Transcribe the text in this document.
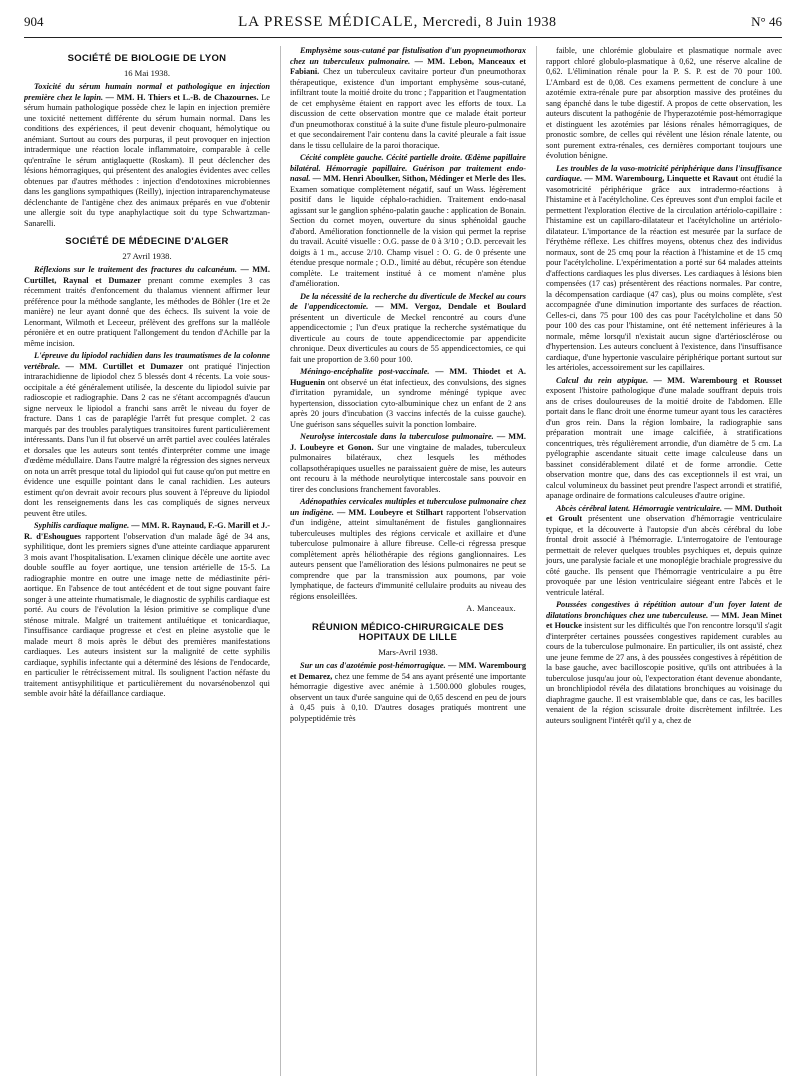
904	LA PRESSE MÉDICALE, Mercredi, 8 Juin 1938	N° 46
SOCIÉTÉ DE BIOLOGIE DE LYON
16 Mai 1938.

Toxicité du sérum humain normal et pathologique en injection première chez le lapin. — MM. H. Thiers et L.-B. de Chazournes. Le sérum humain pathologique possède chez le lapin en injection première une toxicité nettement différente du sérum humain normal. Dans les conditions des expériences, il peut devenir choquant, hémolytique ou anémiant. Surtout au cours des purpuras, il peut provoquer en injection intradermique une réaction locale inflammatoire, comparable à celle qu'entraîne le sérum antiglaquette (Roskam). Il peut déclencher des lésions hémorragiques, qui présentent des analogies évidentes avec celles obtenues par d'autres méthodes : injection d'endotoxines microbiennes dans les ganglions sympathiques (Reilly), injection intraparenchymateuse déclenchante de l'antigène chez des animaux préparés en vue d'obtenir une allergie soit du type anaphylactique soit du type Schwartzman-Sanarelli.

SOCIÉTÉ DE MÉDECINE D'ALGER
27 Avril 1938.

Réflexions sur le traitement des fractures du calcanéum. — MM. Curtillet, Raynal et Dumazer prenant comme exemples 3 cas récemment traités d'enfoncement du thalamus viennent affirmer leur préférence pour la méthode sanglante, les méthodes de Böhler (1re et 2e manière) ne leur ayant donné que des échecs. Ils suivent la voie de Lenormant, Wilmoth et Leceeur, prélèvent des greffons sur la malléole péronière et en outre pratiquent l'allongement du tendon d'Achille par la même incision.

L'épreuve du lipiodol rachidien dans les traumatismes de la colonne vertébrale. — MM. Curtillet et Dumazer ont pratiqué l'injection intrarachidienne de lipiodol chez 5 blessés dont 4 récents. La voie sous-occipitale a été généralement utilisée, la descente du lipiodol suivie par radioscopie et radiographie. Dans 2 cas ne s'étant accompagnés d'aucun signe nerveux le lipiodol a franchi sans arrêt le niveau du foyer de fracture. Dans 1 cas de paraplégie l'arrêt fut presque complet. 2 cas marqués par des troubles paralytiques transitoires furent particulièrement intéressants. Dans l'un il fut observé un arrêt partiel avec coulées latérales et dorsales que les auteurs sont tentés d'interpréter comme une image d'œdème médullaire. Dans l'autre malgré la régression des signes nerveux on nota un arrêt presque total du lipiodol qui fut cause qu'on put mettre en évidence une esquille pointant dans le canal rachidien. Les auteurs estiment qu'on devrait avoir recours plus souvent à l'épreuve du lipiodol dont les renseignements dans les cas compliqués de signes nerveux peuvent être utiles.

Syphilis cardiaque maligne. — MM. R. Raynaud, F.-G. Marill et J.-R. d'Eshougues rapportent l'observation d'un malade âgé de 34 ans, syphilitique, dont les premiers signes d'une atteinte cardiaque apparurent 3 mois avant l'hospitalisation. L'examen clinique décèle une aortite avec double souffle au foyer aortique, une tension artérielle de 15-5. La radiographie montre en outre une image nette de médiastinite péri-aortique. En l'absence de tout antécédent et de tout signe pouvant faire songer à une atteinte rhumatismale, le diagnostic de syphilis cardiaque est porté. Au cours de l'évolution la lésion primitive se complique d'une sténose mitrale. Malgré un traitement antiluétique et tonicardiaque, l'insuffisance cardiaque progresse et c'est en pleine asystolie que le malade meurt 8 mois après le début des premières manifestations cardiaques. Les auteurs insistent sur la malignité de cette syphilis cardiaque, syphilis infectante qui a déterminé des lésions de l'endocarde, en particulier le rétrécissement mitral. Ils soulignent l'action néfaste du traitement antisyphilitique et particulièrement du novarsénobenzol qui semble avoir hâté la défaillance cardiaque.

Emphysème sous-cutané par fistulisation d'un pyopneumothorax chez un tuberculeux pulmonaire. — MM. Lebon, Manceaux et Fabiani. Chez un tuberculeux cavitaire porteur d'un pneumothorax thérapeutique, existence d'un important emphysème sous-cutané, infiltrant toute la moitié droite du tronc ; l'apparition et l'augmentation de cet emphysème étaient en rapport avec les efforts de toux. La discussion de cette observation montre que ce malade était porteur d'un pneumothorax constitué à la suite d'une fistule pleuro-pulmonaire et que secondairement l'air contenu dans la cavité pleurale a fait issue dans le tissu cellulaire de la paroi thoracique.

Cécité complète gauche. Cécité partielle droite. Œdème papillaire bilatéral. Hémorragie papillaire. Guérison par traitement endo-nasal. — MM. Henri Aboulker, Sithon, Médinger et Merle des Iles. Examen somatique complètement négatif, sauf un Wass. légèrement positif dans le liquide céphalo-rachidien. Traitement endo-nasal agissant sur le ganglion sphéno-palatin gauche : application de Bonain. Section du cornet moyen, ouverture du sinus sphénoïdal gauche d'abord. Amélioration fonctionnelle de la vision qui permet la reprise du travail. Acuité visuelle : O.G. passe de 0 à 3/10 ; O.D. percevait les doigts à 1 m., accuse 2/10. Champ visuel : O. G. de 0 présente une étendue presque normale ; O.D., limité au début, récupère son étendue complète. Le traitement institué à ce moment n'amène plus d'amélioration.

De la nécessité de la recherche du diverticule de Meckel au cours de l'appendicectomie. — MM. Vergoz, Dendale et Boulard présentent un diverticule de Meckel rencontré au cours d'une appendicectomie ; l'un d'eux pratique la recherche systématique du diverticule au cours de toute appendicectomie par appendicite chronique. Deux diverticules au cours de 55 appendicectomies, ce qui fait une proportion de 3.60 pour 100.

Méningo-encéphalite post-vaccinale. — MM. Thiodet et A. Huguenin ont observé un état infectieux, des convulsions, des signes d'irritation pyramidale, un syndrome méningé typique avec hypertension, dissociation cyto-albuminique chez un enfant de 2 ans après 20 jours d'incubation (3 vaccins infectés de la cuisse gauche). Une guérison sans séquelles suivit la ponction lombaire.

Neurolyse intercostale dans la tuberculose pulmonaire. — MM. J. Loubeyre et Gonon. Sur une vingtaine de malades, tuberculeux pulmonaires bilatéraux, chez lesquels les méthodes collapsothérapiques usuelles ne paraissaient guère de mise, les auteurs ont recouru à la méthode neurolytique intercostale sans pouvoir en tirer des conclusions franchement favorables.

Adénopathies cervicales multiples et tuberculose pulmonaire chez un indigène. — MM. Loubeyre et Stilhart rapportent l'observation d'un indigène, atteint simultanément de fistules ganglionnaires tuberculeuses multiples des régions cervicale et axillaire et d'une tuberculose pulmonaire à allure fibreuse. Celle-ci régressa presque complètement après héliothérapie des régions ganglionnaires. Les auteurs pensent que l'amélioration des lésions pulmonaires ne peut se comprendre que par la transmission aux poumons, par voie lymphatique, de facteurs d'immunité cellulaire produits au niveau des régions ensoleillées.

A. Manceaux.
RÉUNION MÉDICO-CHIRURGICALE DES HOPITAUX DE LILLE
Mars-Avril 1938.

Sur un cas d'azotémie post-hémorragique. — MM. Warembourg et Demarez, chez une femme de 54 ans ayant présenté une importante hémorragie digestive avec anémie à 1.500.000 globules rouges, observent un taux d'urée sanguine qui de 0,65 descend en peu de jours à 0,45 puis à 0,10. D'autres dosages pratiqués montrent une polypeptidémie très

faible, une chlorémie globulaire et plasmatique normale avec rapport chloré globulo-plasmatique à 0,62, une réserve alcaline de 0,62. L'élimination rénale pour la P. S. P. est de 70 pour 100. L'Ambard est de 0,08. Ces examens permettent de conclure à une azotémie extra-rénale pure par absorption massive des protéines du sang épanché dans le tube digestif. A propos de cette observation, les auteurs discutent la pathogénie de l'hyperazotémie post-hémorragique et distinguent les azotémies par lésions rénales hémorragiques, de pronostic sombre, de celles qui révèlent une lésion rénale latente, ou sont purement extra-rénales, ces dernières comportant toujours une évolution bénigne.

Les troubles de la vaso-motricité périphérique dans l'insuffisance cardiaque. — MM. Warembourg, Linquette et Ravaut ont étudié la vasomotricité périphérique grâce aux intradermo-réactions à l'histamine et à l'acétylcholine. Ces épreuves sont d'un emploi facile et permettent l'exploration élective de la circulation artériolo-capillaire : l'histamine est un capillaro-dilatateur et l'acétylcholine un artériolo-dilatateur. L'importance de la réaction est mesurée par la surface de l'érythème réflexe. Les chiffres moyens, obtenus chez des individus normaux, sont de 25 cmq pour la réaction à l'histamine et de 15 cmq pour l'acétylcholine. L'expérimentation a porté sur 64 malades atteints d'affections cardiaques les plus diverses. Les cardiaques à lésions bien compensées (17 cas) présentèrent des réactions normales. Par contre, la décompensation cardiaque (47 cas), plus ou moins complète, s'est accompagnée d'une diminution importante des surfaces de réaction. Celles-ci, dans 75 pour 100 des cas pour l'acétylcholine et dans 50 pour 100 des cas pour l'histamine, ont été nettement inférieures à la normale, même lorsqu'il n'existait aucun signe d'artériosclérose ou d'hypertension. Les auteurs concluent à l'existence, dans l'insuffisance cardiaque, d'une hypertonie vasculaire périphérique portant surtout sur les artérioles, accessoirement sur les capillaires.

Calcul du rein atypique. — MM. Warembourg et Rousset exposent l'histoire pathologique d'une malade souffrant depuis trois ans de crises douloureuses de la moitié droite de l'abdomen. Elle portait dans le flanc droit une énorme tumeur ayant tous les caractères d'un gros rein. Dans la région lombaire, la radiographie sans préparation montrait une image calcifiée, à stratifications concentriques, très régulièrement arrondie, d'un diamètre de 5 cm. La pyélographie ascendante situait cette image calculeuse dans un bassinet considérablement dilaté et de forme arrondie. Cette observation montre que, dans des cas exceptionnels il est vrai, un calcul volumineux du bassinet peut prendre l'aspect arrondi et stratifié, apanage ordinaire de formations calculeuses d'autre origine.

Abcès cérébral latent. Hémorragie ventriculaire. — MM. Duthoit et Groult présentent une observation d'hémorragie ventriculaire typique, et la découverte à l'autopsie d'un abcès cérébral du lobe frontal droit associé à l'hémorragie. L'interrogatoire de l'entourage permettait de relever quelques troubles psychiques et, depuis quinze jours, une paralysie faciale et une monoplégie brachiale progressive du côté gauche. Ils pensent que l'hémorragie ventriculaire a pu être provoquée par une lésion ventriculaire siégeant entre l'abcès et le ventricule latéral.

Poussées congestives à répétition autour d'un foyer latent de dilatations bronchiques chez une tuberculeuse. — MM. Jean Minet et Houcke insistent sur les difficultés que l'on rencontre lorsqu'il s'agit d'interpréter certaines poussées congestives rapidement curables au cours de la tuberculose pulmonaire. En particulier, ils ont assisté, chez une jeune femme de 27 ans, à des poussées congestives à répétition de la base gauche, avec bacilloscopie positive, qu'ils ont attribuées à la tuberculose jusqu'au jour où, l'expectoration étant devenue abondante, un bronchlipiodol révéla des dilatations bronchiques au voisinage du diaphragme gauche. Il est vraisemblable que, dans ce cas, les bacilles venaient de la région scissurale droite discrètement infiltrée. Les auteurs soulignent l'intérêt qu'il y a, chez de
